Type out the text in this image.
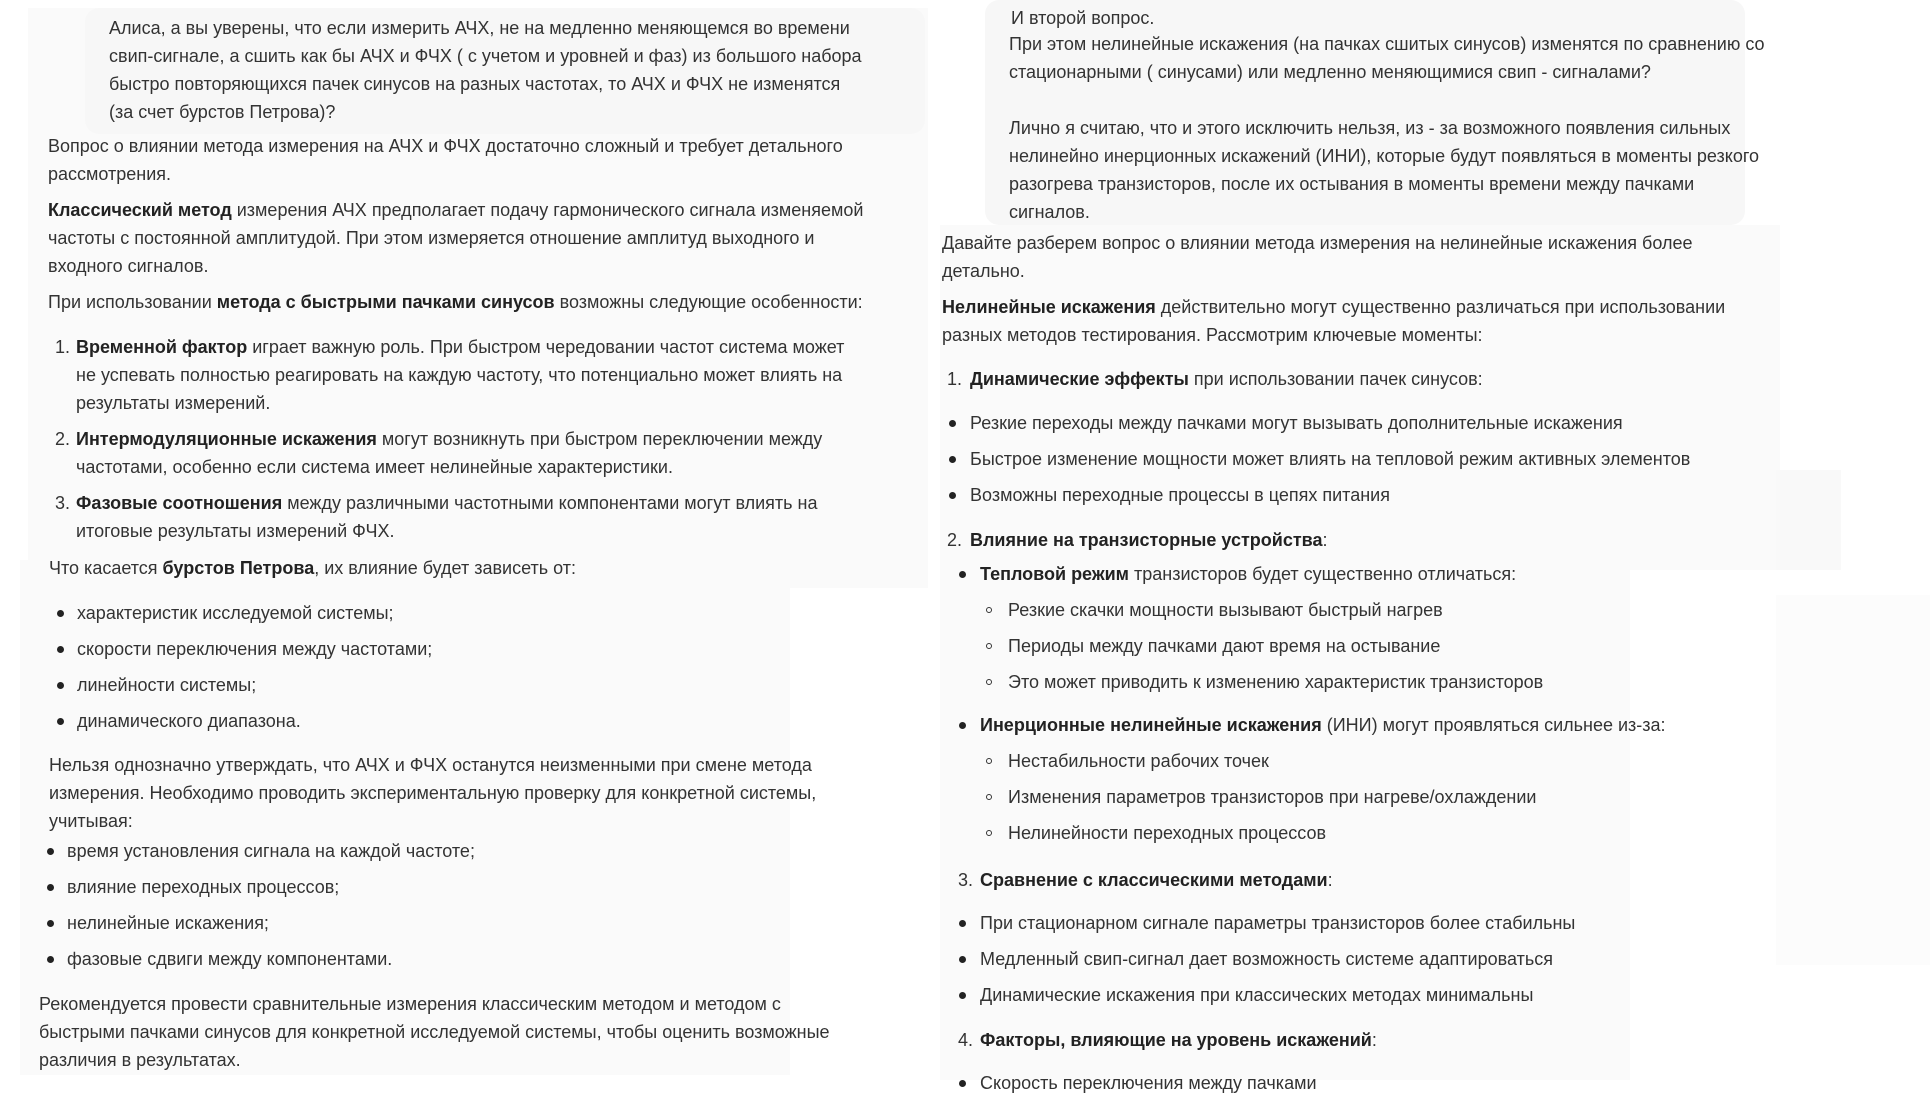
Алиса, а вы уверены, что если измерить АЧХ, не на медленно меняющемся во времени
свип-сигнале, а сшить как бы АЧХ и ФЧХ ( с учетом и уровней и фаз) из большого набора
быстро повторяющихся пачек синусов на разных частотах, то АЧХ и ФЧХ не изменятся
(за счет бурстов Петрова)?
Вопрос о влиянии метода измерения на АЧХ и ФЧХ достаточно сложный и требует детального
рассмотрения.
Классический метод измерения АЧХ предполагает подачу гармонического сигнала изменяемой
частоты с постоянной амплитудой. При этом измеряется отношение амплитуд выходного и
входного сигналов.
При использовании метода с быстрыми пачками синусов возможны следующие особенности:
1. Временной фактор играет важную роль. При быстром чередовании частот система может
не успевать полностью реагировать на каждую частоту, что потенциально может влиять на
результаты измерений.
2. Интермодуляционные искажения могут возникнуть при быстром переключении между
частотами, особенно если система имеет нелинейные характеристики.
3. Фазовые соотношения между различными частотными компонентами могут влиять на
итоговые результаты измерений ФЧХ.
Что касается бурстов Петрова, их влияние будет зависеть от:
характеристик исследуемой системы;
скорости переключения между частотами;
линейности системы;
динамического диапазона.
Нельзя однозначно утверждать, что АЧХ и ФЧХ останутся неизменными при смене метода
измерения. Необходимо проводить экспериментальную проверку для конкретной системы,
учитывая:
время установления сигнала на каждой частоте;
влияние переходных процессов;
нелинейные искажения;
фазовые сдвиги между компонентами.
Рекомендуется провести сравнительные измерения классическим методом и методом с
быстрыми пачками синусов для конкретной исследуемой системы, чтобы оценить возможные
различия в результатах.
И второй вопрос.
При этом нелинейные искажения (на пачках сшитых синусов) изменятся по сравнению со
стационарными ( синусами) или медленно меняющимися свип - сигналами?
Лично я считаю, что и этого исключить нельзя, из - за возможного появления сильных
нелинейно инерционных искажений (ИНИ), которые будут появляться в моменты резкого
разогрева транзисторов, после их остывания в моменты времени между пачками
сигналов.
Давайте разберем вопрос о влиянии метода измерения на нелинейные искажения более
детально.
Нелинейные искажения действительно могут существенно различаться при использовании
разных методов тестирования. Рассмотрим ключевые моменты:
1. Динамические эффекты при использовании пачек синусов:
Резкие переходы между пачками могут вызывать дополнительные искажения
Быстрое изменение мощности может влиять на тепловой режим активных элементов
Возможны переходные процессы в цепях питания
2. Влияние на транзисторные устройства:
Тепловой режим транзисторов будет существенно отличаться:
Резкие скачки мощности вызывают быстрый нагрев
Периоды между пачками дают время на остывание
Это может приводить к изменению характеристик транзисторов
Инерционные нелинейные искажения (ИНИ) могут проявляться сильнее из-за:
Нестабильности рабочих точек
Изменения параметров транзисторов при нагреве/охлаждении
Нелинейности переходных процессов
3. Сравнение с классическими методами:
При стационарном сигнале параметры транзисторов более стабильны
Медленный свип-сигнал дает возможность системе адаптироваться
Динамические искажения при классических методах минимальны
4. Факторы, влияющие на уровень искажений:
Скорость переключения между пачками
